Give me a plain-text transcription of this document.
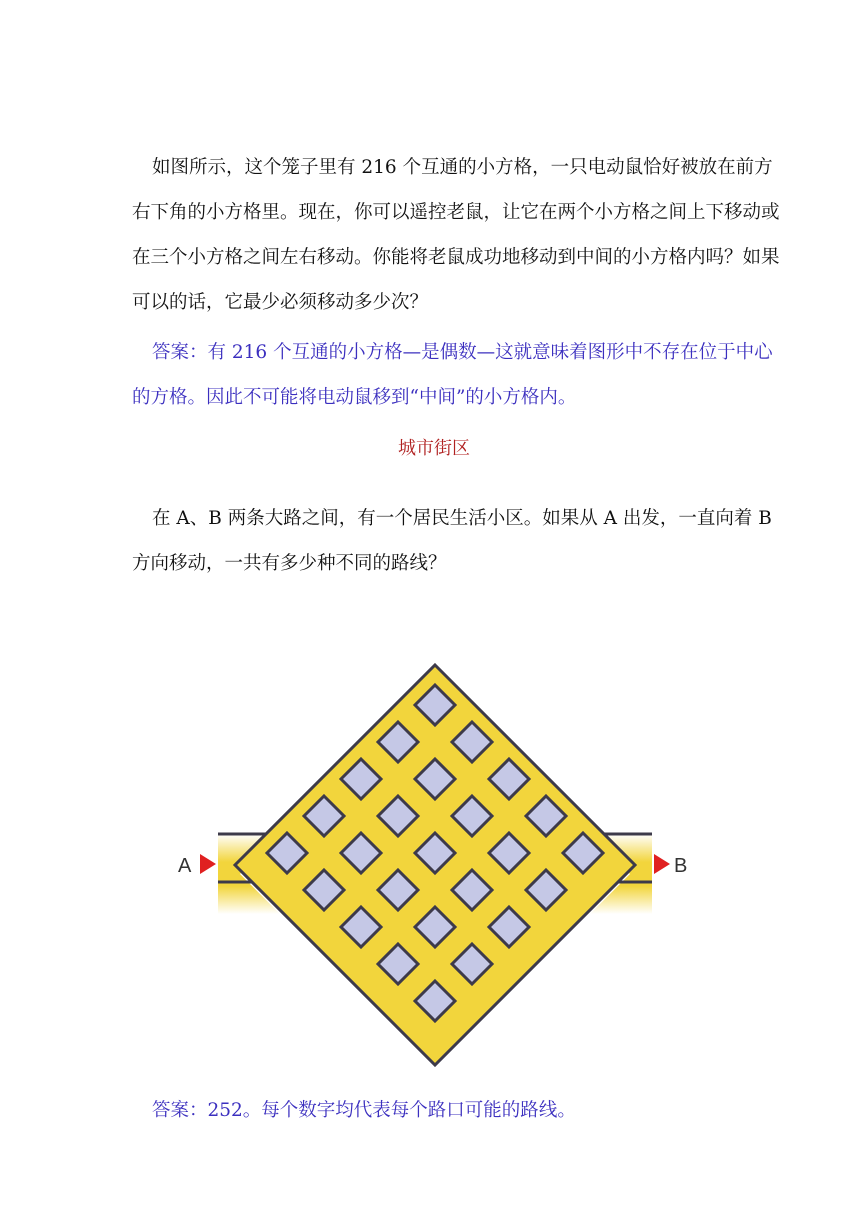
如图所示，这个笼子里有 216 个互通的小方格，一只电动鼠恰好被放在前方
右下角的小方格里。现在，你可以遥控老鼠，让它在两个小方格之间上下移动或
在三个小方格之间左右移动。你能将老鼠成功地移动到中间的小方格内吗？如果
可以的话，它最少必须移动多少次？
答案：有 216 个互通的小方格—是偶数—这就意味着图形中不存在位于中心
的方格。因此不可能将电动鼠移到“中间”的小方格内。

城市街区

在 A、B 两条大路之间，有一个居民生活小区。如果从 A 出发，一直向着 B
方向移动，一共有多少种不同的路线？
A	B
答案：252。每个数字均代表每个路口可能的路线。
